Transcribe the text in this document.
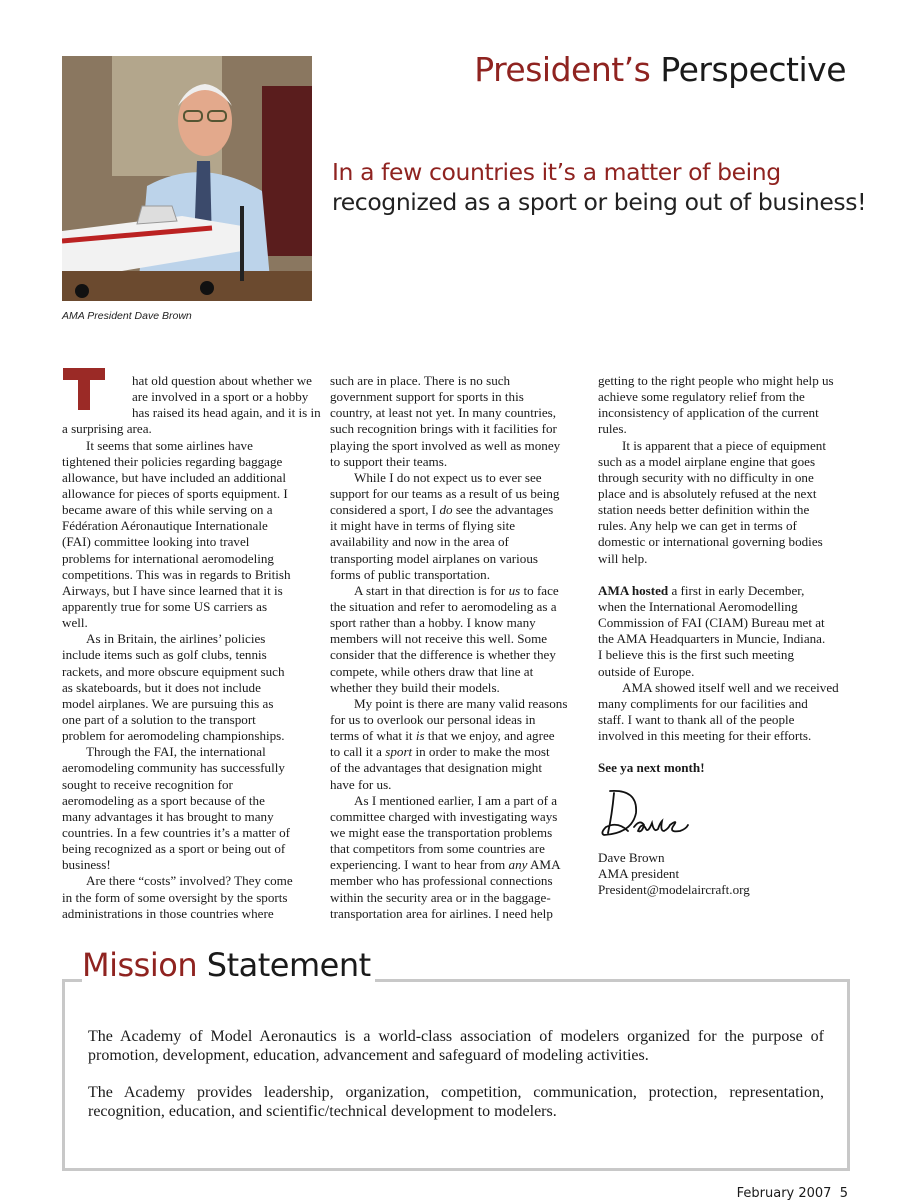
AMA President Dave Brown
President’s Perspective
In a few countries it’s a matter of being
recognized as a sport or being out of business!
hat old question about whether we
are involved in a sport or a hobby
has raised its head again, and it is in
a surprising area.
It seems that some airlines have
tightened their policies regarding baggage
allowance, but have included an additional
allowance for pieces of sports equipment. I
became aware of this while serving on a
Fédération Aéronautique Internationale
(FAI) committee looking into travel
problems for international aeromodeling
competitions. This was in regards to British
Airways, but I have since learned that it is
apparently true for some US carriers as
well.
As in Britain, the airlines’ policies
include items such as golf clubs, tennis
rackets, and more obscure equipment such
as skateboards, but it does not include
model airplanes. We are pursuing this as
one part of a solution to the transport
problem for aeromodeling championships.
Through the FAI, the international
aeromodeling community has successfully
sought to receive recognition for
aeromodeling as a sport because of the
many advantages it has brought to many
countries. In a few countries it’s a matter of
being recognized as a sport or being out of
business!
Are there “costs” involved? They come
in the form of some oversight by the sports
administrations in those countries where
such are in place. There is no such
government support for sports in this
country, at least not yet. In many countries,
such recognition brings with it facilities for
playing the sport involved as well as money
to support their teams.
While I do not expect us to ever see
support for our teams as a result of us being
considered a sport, I do see the advantages
it might have in terms of flying site
availability and now in the area of
transporting model airplanes on various
forms of public transportation.
A start in that direction is for us to face
the situation and refer to aeromodeling as a
sport rather than a hobby. I know many
members will not receive this well. Some
consider that the difference is whether they
compete, while others draw that line at
whether they build their models.
My point is there are many valid reasons
for us to overlook our personal ideas in
terms of what it is that we enjoy, and agree
to call it a sport in order to make the most
of the advantages that designation might
have for us.
As I mentioned earlier, I am a part of a
committee charged with investigating ways
we might ease the transportation problems
that competitors from some countries are
experiencing. I want to hear from any AMA
member who has professional connections
within the security area or in the baggage-
transportation area for airlines. I need help
getting to the right people who might help us
achieve some regulatory relief from the
inconsistency of application of the current
rules.
It is apparent that a piece of equipment
such as a model airplane engine that goes
through security with no difficulty in one
place and is absolutely refused at the next
station needs better definition within the
rules. Any help we can get in terms of
domestic or international governing bodies
will help.
AMA hosted a first in early December,
when the International Aeromodelling
Commission of FAI (CIAM) Bureau met at
the AMA Headquarters in Muncie, Indiana.
I believe this is the first such meeting
outside of Europe.
AMA showed itself well and we received
many compliments for our facilities and
staff. I want to thank all of the people
involved in this meeting for their efforts.
See ya next month!
Dave Brown
AMA president
President@modelaircraft.org
Mission Statement

The Academy of Model Aeronautics is a world-class association of modelers organized for the purpose of promotion, development, education, advancement and safeguard of modeling activities.

The Academy provides leadership, organization, competition, communication, protection, representation, recognition, education, and scientific/technical development to modelers.

February 2007 5
